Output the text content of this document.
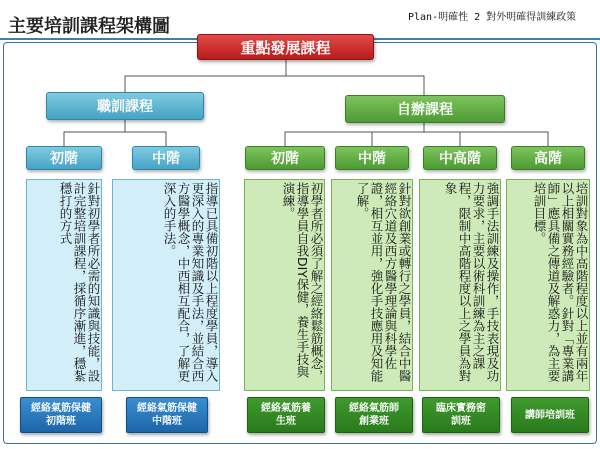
主要培訓課程架構圖	Plan-明確性 2 對外明確得訓練政策
重點發展課程
職訓課程	自辦課程
初階	中階	初階	中階	中高階	高階

針對初學者所必需的知識與技能，設計完整培訓課程，採循序漸進，穩紮穩打的方式	指導已具備初階以上程度學員，導入更深入的專業知識及手法，並結合西方醫學概念，中西相互配合，了解更深入的手法。	初學者所必須了解之經絡鬆筋概念，指導學員自我DIY保健，養生手技與演練。	針對欲創業或轉行之學員，結合中醫經絡穴道及西方醫學理論與科學佐證，相互並用，強化手技應用及知能了解。	強調手法訓練及操作，手技表現及功力要求，主要以術科訓練為主之課程，限制中高階程度以上之學員為對象	培訓對象為中高階程度以上並有兩年以上相關實務經驗者。針對「專業講師」應具備之傳道及解惑力，為主要培訓目標。

經絡氣筋保健
初階班
經絡氣筋保健
中階班
經絡氣筋養
生班
經絡氣筋師
創業班
臨床實務密
訓班
講師培訓班
